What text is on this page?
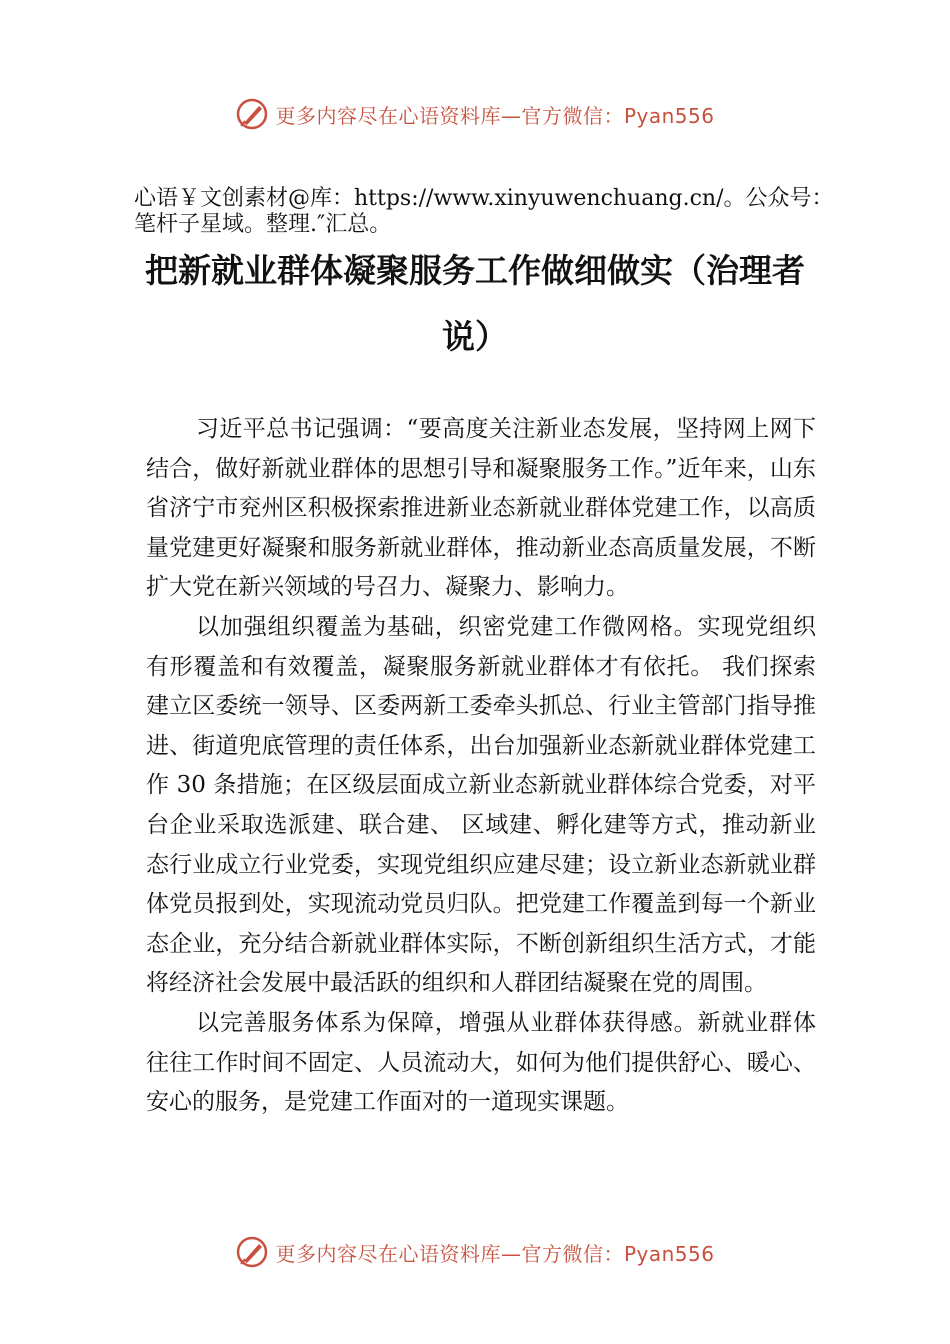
更多内容尽在心语资料库—官方微信：Pyan556
心语￥文创素材@库：https://www.xinyuwenchuang.cn/。公众号：笔杆子星域。整理.″汇总。
把新就业群体凝聚服务工作做细做实（治理者说）

习近平总书记强调：“要高度关注新业态发展，坚持网上网下结合，做好新就业群体的思想引导和凝聚服务工作。”近年来，山东省济宁市兖州区积极探索推进新业态新就业群体党建工作，以高质量党建更好凝聚和服务新就业群体，推动新业态高质量发展，不断扩大党在新兴领域的号召力、凝聚力、影响力。

以加强组织覆盖为基础，织密党建工作微网格。实现党组织有形覆盖和有效覆盖，凝聚服务新就业群体才有依托。 我们探索建立区委统一领导、区委两新工委牵头抓总、行业主管部门指导推进、街道兜底管理的责任体系，出台加强新业态新就业群体党建工作 30 条措施；在区级层面成立新业态新就业群体综合党委，对平台企业采取选派建、联合建、 区域建、孵化建等方式，推动新业态行业成立行业党委，实现党组织应建尽建；设立新业态新就业群体党员报到处，实现流动党员归队。把党建工作覆盖到每一个新业态企业，充分结合新就业群体实际，不断创新组织生活方式，才能将经济社会发展中最活跃的组织和人群团结凝聚在党的周围。

以完善服务体系为保障，增强从业群体获得感。新就业群体往往工作时间不固定、人员流动大，如何为他们提供舒心、暖心、安心的服务，是党建工作面对的一道现实课题。

更多内容尽在心语资料库—官方微信：Pyan556
